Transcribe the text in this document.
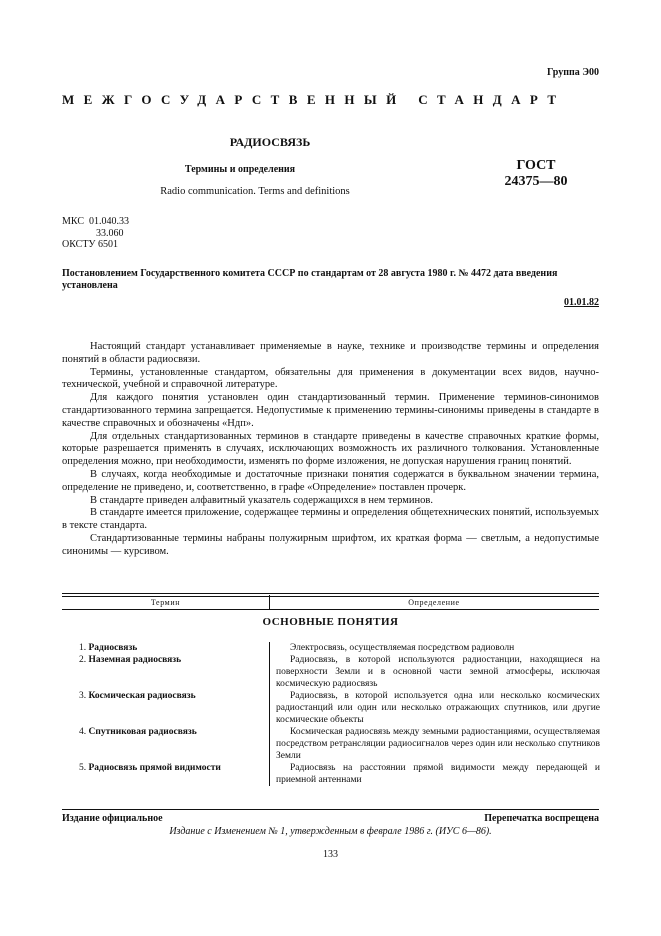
Группа Э00
МЕЖГОСУДАРСТВЕННЫЙ СТАНДАРТ
РАДИОСВЯЗЬ
Термины и определения
Radio communication. Terms and definitions
ГОСТ
24375—80
МКС 01.040.33
33.060
ОКСТУ 6501
Постановлением Государственного комитета СССР по стандартам от 28 августа 1980 г. № 4472 дата введения установлена
01.01.82

Настоящий стандарт устанавливает применяемые в науке, технике и производстве термины и определения понятий в области радиосвязи.

Термины, установленные стандартом, обязательны для применения в документации всех видов, научно-технической, учебной и справочной литературе.

Для каждого понятия установлен один стандартизованный термин. Применение терминов-синонимов стандартизованного термина запрещается. Недопустимые к применению термины-синонимы приведены в стандарте в качестве справочных и обозначены «Ндп».

Для отдельных стандартизованных терминов в стандарте приведены в качестве справочных краткие формы, которые разрешается применять в случаях, исключающих возможность их различного толкования. Установленные определения можно, при необходимости, изменять по форме изложения, не допуская нарушения границ понятий.

В случаях, когда необходимые и достаточные признаки понятия содержатся в буквальном значении термина, определение не приведено, и, соответственно, в графе «Определение» поставлен прочерк.

В стандарте приведен алфавитный указатель содержащихся в нем терминов.

В стандарте имеется приложение, содержащее термины и определения общетехнических понятий, используемых в тексте стандарта.

Стандартизованные термины набраны полужирным шрифтом, их краткая форма — светлым, а недопустимые синонимы — курсивом.

Термин	Определение
ОСНОВНЫЕ ПОНЯТИЯ
1. Радиосвязь	Электросвязь, осуществляемая посредством радиоволн
2. Наземная радиосвязь	Радиосвязь, в которой используются радиостанции, находящиеся на поверхности Земли и в основной части земной атмосферы, исключая космическую радиосвязь
3. Космическая радиосвязь	Радиосвязь, в которой используется одна или несколько космических радиостанций или один или несколько отражающих спутников, или другие космические объекты
4. Спутниковая радиосвязь	Космическая радиосвязь между земными радиостанциями, осуществляемая посредством ретрансляции радиосигналов через один или несколько спутников Земли
5. Радиосвязь прямой видимости	Радиосвязь на расстоянии прямой видимости между передающей и приемной антеннами
Издание официальное	Перепечатка воспрещена
Издание с Изменением № 1, утвержденным в феврале 1986 г. (ИУС 6—86).
133
